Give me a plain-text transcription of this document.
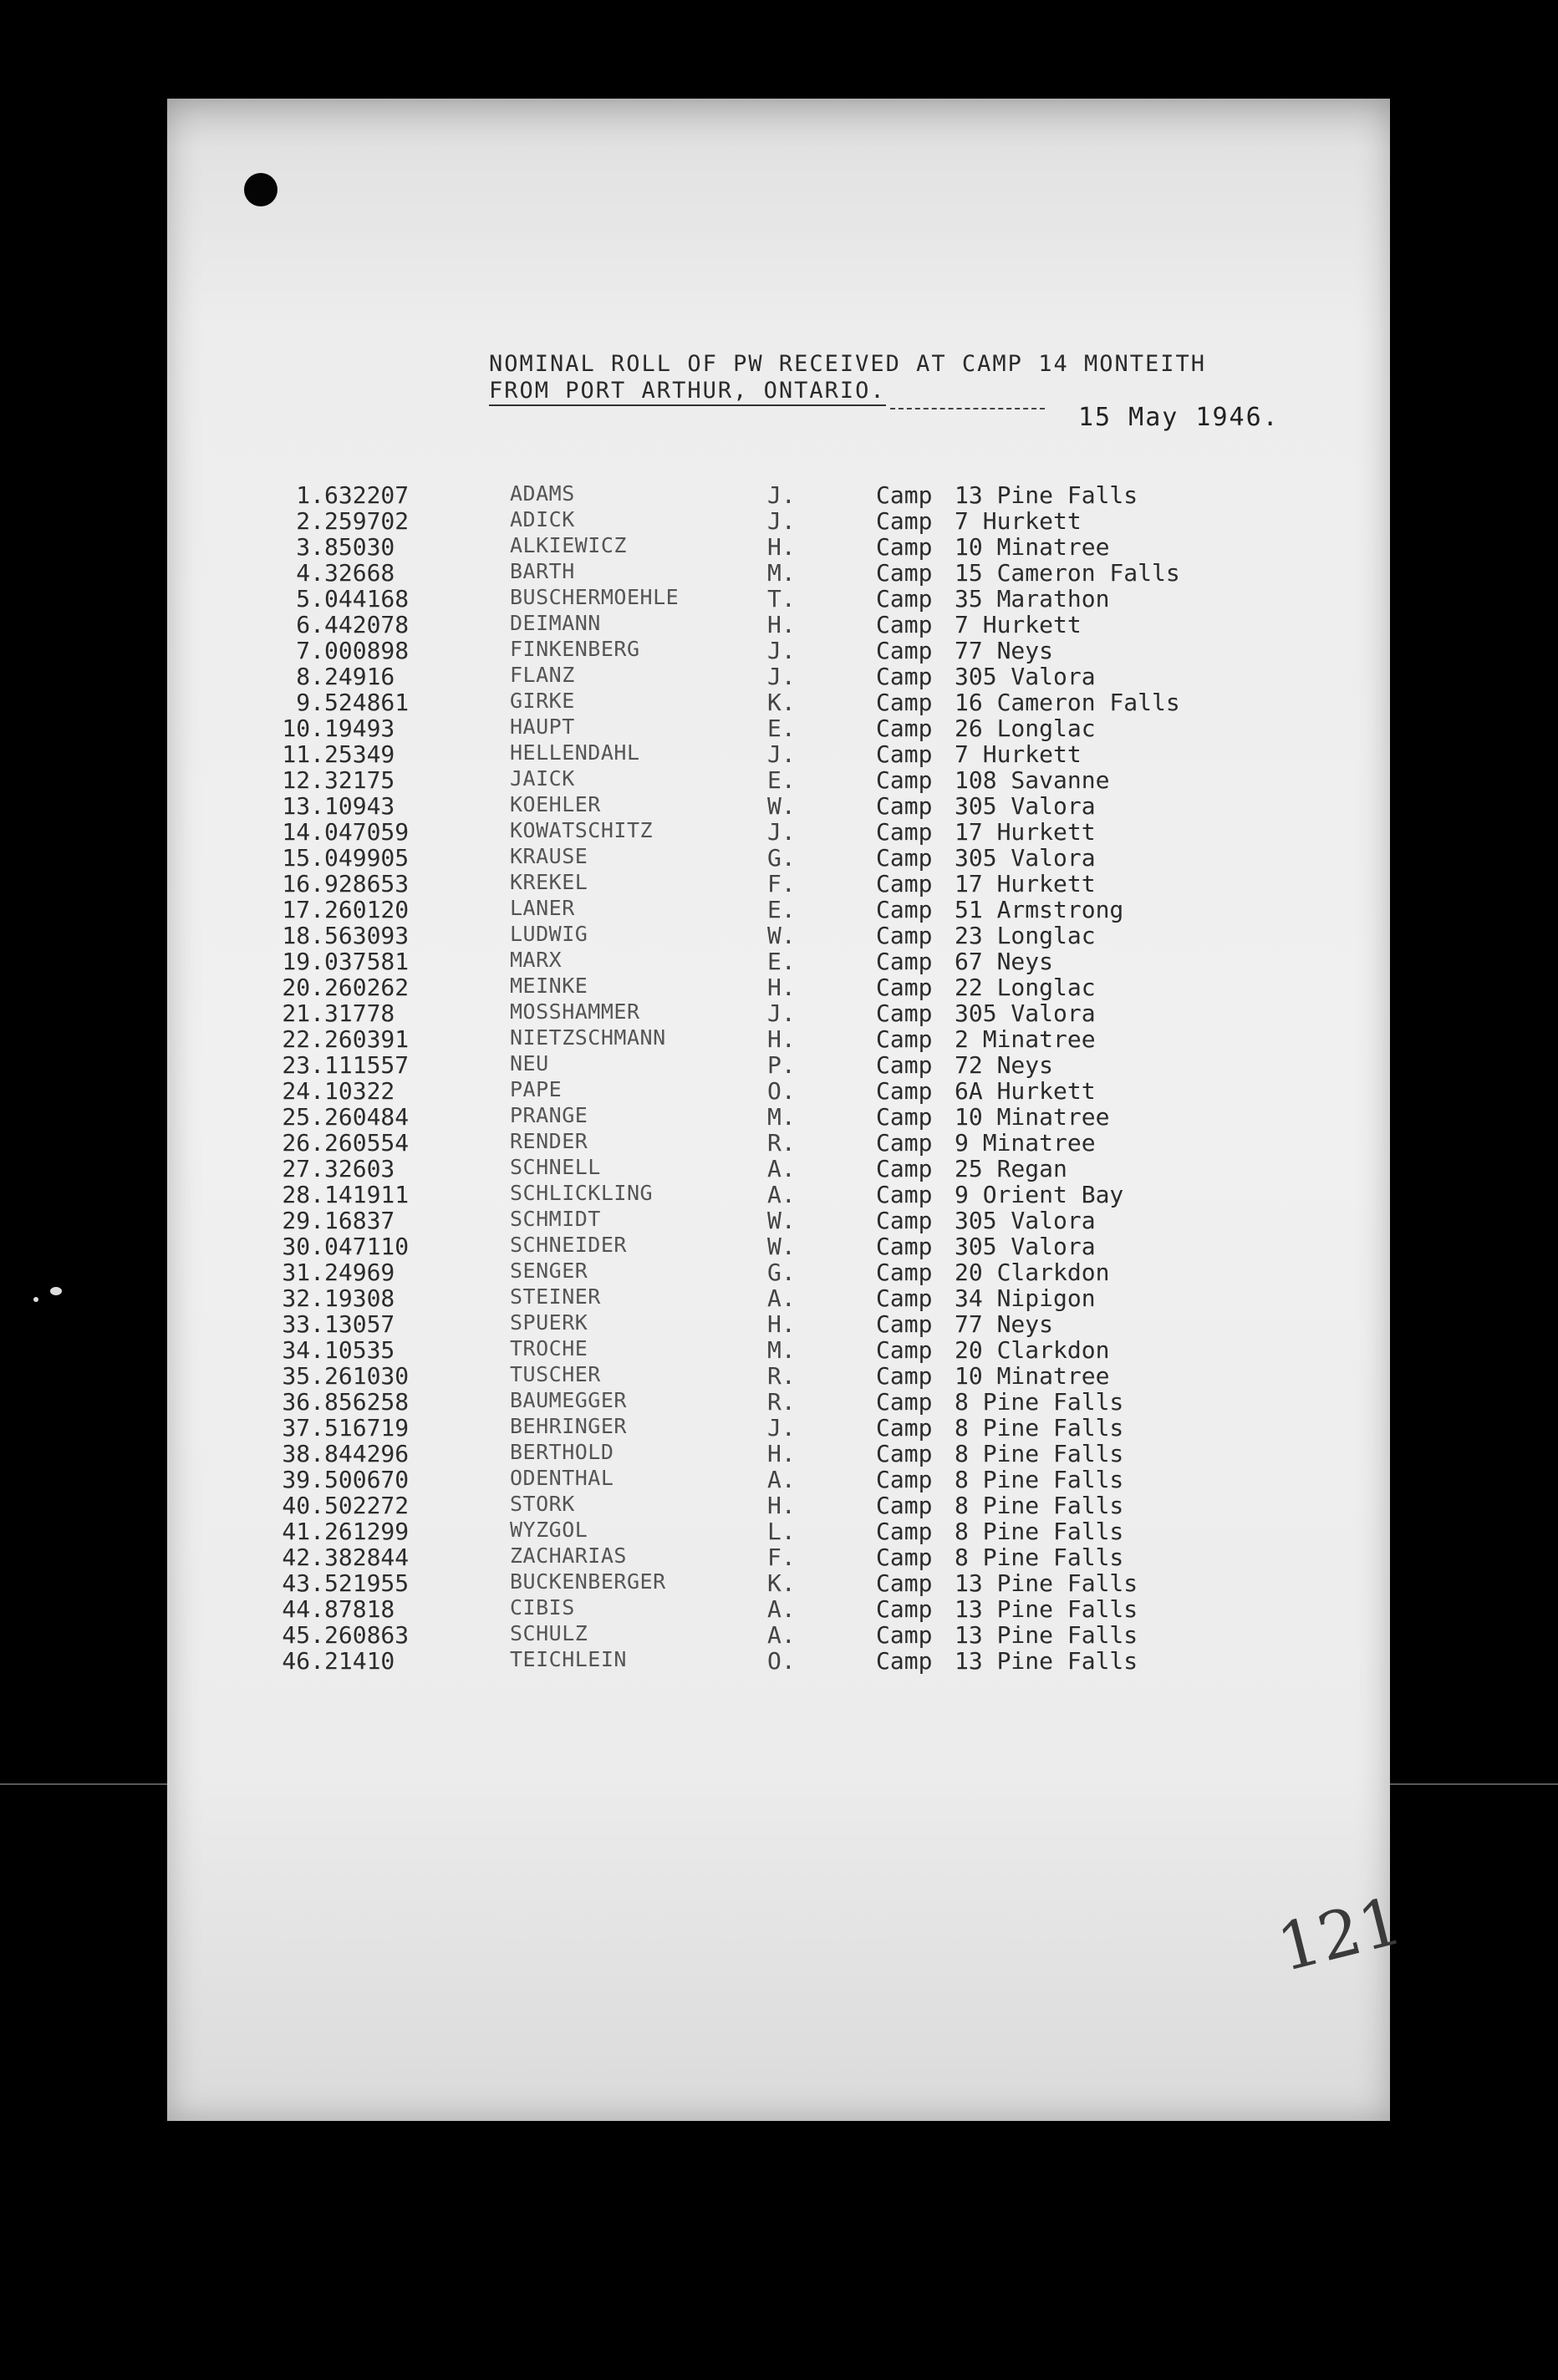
NOMINAL ROLL OF PW RECEIVED AT CAMP 14 MONTEITH
FROM PORT ARTHUR, ONTARIO.
15 May 1946.
1. 632207	ADAMS	J.	Camp 13 Pine Falls
2. 259702	ADICK	J.	Camp 7 Hurkett
3. 85030	ALKIEWICZ	H.	Camp 10 Minatree
4. 32668	BARTH	M.	Camp 15 Cameron Falls
5. 044168	BUSCHERMOEHLE	T.	Camp 35 Marathon
6. 442078	DEIMANN	H.	Camp 7 Hurkett
7. 000898	FINKENBERG	J.	Camp 77 Neys
8. 24916	FLANZ	J.	Camp 305 Valora
9. 524861	GIRKE	K.	Camp 16 Cameron Falls
10. 19493	HAUPT	E.	Camp 26 Longlac
11. 25349	HELLENDAHL	J.	Camp 7 Hurkett
12. 32175	JAICK	E.	Camp 108 Savanne
13. 10943	KOEHLER	W.	Camp 305 Valora
14. 047059	KOWATSCHITZ	J.	Camp 17 Hurkett
15. 049905	KRAUSE	G.	Camp 305 Valora
16. 928653	KREKEL	F.	Camp 17 Hurkett
17. 260120	LANER	E.	Camp 51 Armstrong
18. 563093	LUDWIG	W.	Camp 23 Longlac
19. 037581	MARX	E.	Camp 67 Neys
20. 260262	MEINKE	H.	Camp 22 Longlac
21. 31778	MOSSHAMMER	J.	Camp 305 Valora
22. 260391	NIETZSCHMANN	H.	Camp 2 Minatree
23. 111557	NEU	P.	Camp 72 Neys
24. 10322	PAPE	O.	Camp 6A Hurkett
25. 260484	PRANGE	M.	Camp 10 Minatree
26. 260554	RENDER	R.	Camp 9 Minatree
27. 32603	SCHNELL	A.	Camp 25 Regan
28. 141911	SCHLICKLING	A.	Camp 9 Orient Bay
29. 16837	SCHMIDT	W.	Camp 305 Valora
30. 047110	SCHNEIDER	W.	Camp 305 Valora
31. 24969	SENGER	G.	Camp 20 Clarkdon
32. 19308	STEINER	A.	Camp 34 Nipigon
33. 13057	SPUERK	H.	Camp 77 Neys
34. 10535	TROCHE	M.	Camp 20 Clarkdon
35. 261030	TUSCHER	R.	Camp 10 Minatree
36. 856258	BAUMEGGER	R.	Camp 8 Pine Falls
37. 516719	BEHRINGER	J.	Camp 8 Pine Falls
38. 844296	BERTHOLD	H.	Camp 8 Pine Falls
39. 500670	ODENTHAL	A.	Camp 8 Pine Falls
40. 502272	STORK	H.	Camp 8 Pine Falls
41. 261299	WYZGOL	L.	Camp 8 Pine Falls
42. 382844	ZACHARIAS	F.	Camp 8 Pine Falls
43. 521955	BUCKENBERGER	K.	Camp 13 Pine Falls
44. 87818	CIBIS	A.	Camp 13 Pine Falls
45. 260863	SCHULZ	A.	Camp 13 Pine Falls
46. 21410	TEICHLEIN	O.	Camp 13 Pine Falls
121
